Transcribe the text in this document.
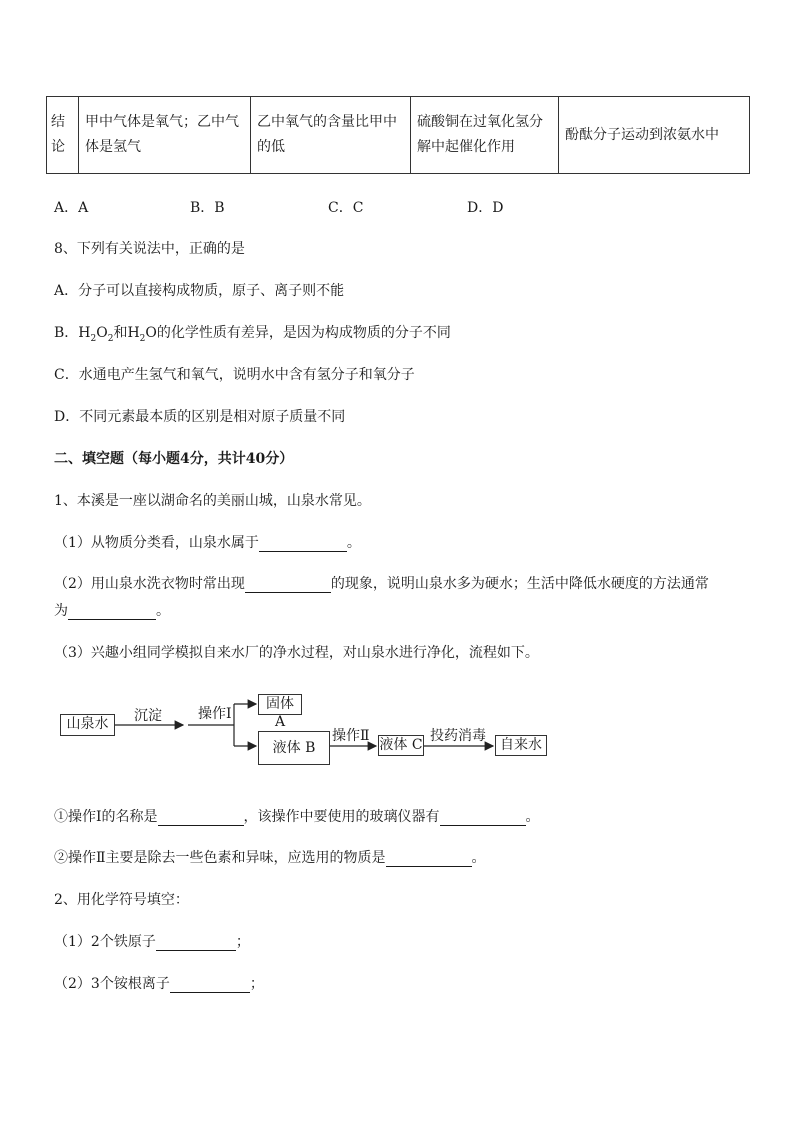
结论	甲中气体是氧气；乙中气体是氢气	乙中氧气的含量比甲中的低	硫酸铜在过氧化氢分解中起催化作用	酚酞分子运动到浓氨水中
A．A	B．B	C．C	D．D
8、下列有关说法中，正确的是
A．分子可以直接构成物质，原子、离子则不能
B．$H_2O_2$和$H_2O$的化学性质有差异，是因为构成物质的分子不同
C．水通电产生氢气和氧气，说明水中含有氢分子和氧分子
D．不同元素最本质的区别是相对原子质量不同
二、填空题（每小题4分，共计40分）
1、本溪是一座以湖命名的美丽山城，山泉水常见。
（1）从物质分类看，山泉水属于	。
（2）用山泉水洗衣物时常出现	的现象，说明山泉水多为硬水；生活中降低水硬度的方法通常
为	。
（3）兴趣小组同学模拟自来水厂的净水过程，对山泉水进行净化，流程如下。
山泉水	沉淀	操作Ⅰ
固体 A
液体 B
操作Ⅱ
液体 C
投药消毒
自来水
①操作Ⅰ的名称是	，该操作中要使用的玻璃仪器有	。
②操作Ⅱ主要是除去一些色素和异味，应选用的物质是	。
2、用化学符号填空：
（1）2个铁原子	；
（2）3个铵根离子	；
